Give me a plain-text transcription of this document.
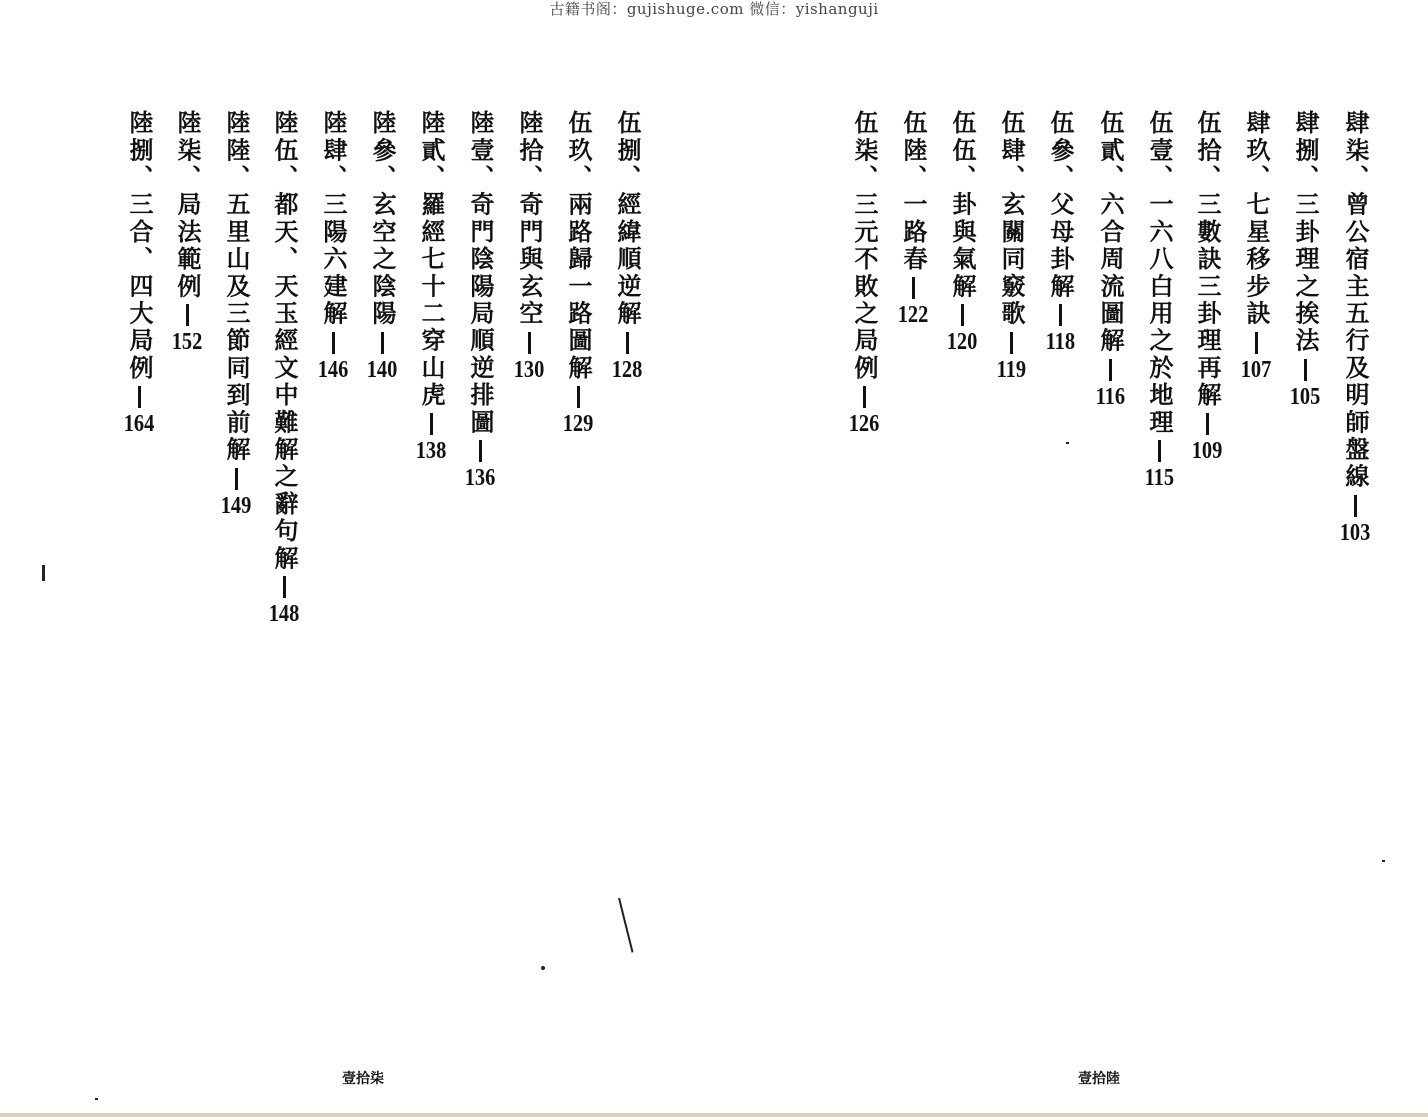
古籍书阁：gujishuge.com 微信：yishanguji
肆柒、曾公宿主五行及明師盤線
103
肆捌、三卦理之挨法
105
肆玖、七星移步訣
107
伍拾、三數訣三卦理再解
109
伍壹、一六八白用之於地理
115
伍貳、六合周流圖解
116
伍參、父母卦解
118
伍肆、玄關同竅歌
119
伍伍、卦與氣解
120
伍陸、一路春
122
伍柒、三元不敗之局例
126
伍捌、經緯順逆解
128
伍玖、兩路歸一路圖解
129
陸拾、奇門與玄空
130
陸壹、奇門陰陽局順逆排圖
136
陸貳、羅經七十二穿山虎
138
陸參、玄空之陰陽
140
陸肆、三陽六建解
146
陸伍、都天、天玉經文中難解之辭句解
148
陸陸、五里山及三節同到前解
149
陸柒、局法範例
152
陸捌、三合、四大局例
164
壹拾柒	壹拾陸
